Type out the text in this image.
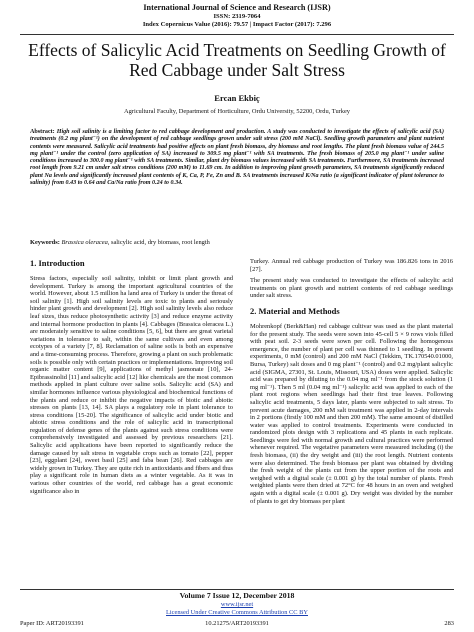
International Journal of Science and Research (IJSR)
ISSN: 2319-7064
Index Copernicus Value (2016): 79.57 | Impact Factor (2017): 7.296
Effects of Salicylic Acid Treatments on Seedling Growth of Red Cabbage under Salt Stress
Ercan Ekbiç
Agricultural Faculty, Department of Horticulture, Ordu University, 52200, Ordu, Turkey
Abstract: High soil salinity is a limiting factor to red cabbage development and production. A study was conducted to investigate the effects of salicylic acid (SA) treatments (0.2 mg plant⁻¹) on the development of red cabbage seedlings grown under salt stress (200 mM NaCl). Seedling growth parameters and plant nutrient contents were measured. Salicylic acid treatments had positive effects on plant fresh biomass, dry biomass and root lengths. The plant fresh biomass value of 244.5 mg plant⁻¹ under the control (zero application of SA) increased to 309.5 mg plant⁻¹ with SA treatments. The fresh biomass of 205.0 mg plant⁻¹ under saline conditions increased to 300.0 mg plant⁻¹ with SA treatments. Similar, plant dry biomass values increased with SA treatments. Furthermore, SA treatments increased root length from 9.21 cm under salt stress conditions (200 mM) to 11.69 cm. In addition to improving plant growth parameters, SA treatments significantly reduced plant Na levels and significantly increased plant contents of K, Ca, P, Fe, Zn and B. SA treatments increased K/Na ratio (a significant indicator of plant tolerance to salinity) from 0.43 to 0.64 and Ca/Na ratio from 0.24 to 0.34.
Keywords: Brassica oleracea, salicylic acid, dry biomass, root length
1. Introduction

Stress factors, especially soil salinity, inhibit or limit plant growth and development. Turkey is among the important agricultural countries of the world. However, about 1.5 million ha land area of Turkey is under the threat of soil salinity [1]. High soil salinity levels are toxic to plants and seriously hinder plant growth and development [2]. High soil salinity levels also reduce leaf sizes, thus reduce photosynthetic activity [3] and reduce enzyme activity and internal hormone production in plants [4]. Cabbages (Brassica oleracea L.) are moderately sensitive to saline conditions [5, 6], but there are great varietal variations in tolerance to salt, within the same cultivars and even among ecotypes of a variety [7, 8]. Reclamation of saline soils is both an expensive and a time-consuming process. Therefore, growing a plant on such problematic soils is possible only with certain practices or implementations. Improving soil organic matter content [9], applications of methyl jasmonate [10], 24-Epibrassinolid [11] and salicylic acid [12] like chemicals are the most common methods applied in plant culture over saline soils. Salicylic acid (SA) and similar hormones influence various physiological and biochemical functions of the plants and reduce or inhibit the negative impacts of biotic and abiotic stresses on plants [13, 14]. SA plays a regulatory role in plant tolerance to stress conditions [15-20]. The significance of salicylic acid under biotic and abiotic stress conditions and the role of salicylic acid in transcriptional regulation of defense genes of the plants against such stress conditions were comprehensively investigated and assessed by previous researchers [21]. Salicylic acid applications have been reported to significantly reduce the damage caused by salt stress in vegetable crops such as tomato [22], pepper [23], eggplant [24], sweet basil [25] and faba bean [26]. Red cabbages are widely grown in Turkey. They are quite rich in antioxidants and fibers and thus play a significant role in human diets as a winter vegetable. As it was in various other countries of the world, red cabbage has a great economic significance also in

Turkey. Annual red cabbage production of Turkey was 186.826 tons in 2016 [27].

The present study was conducted to investigate the effects of salicylic acid treatments on plant growth and nutrient contents of red cabbage seedlings under salt stress.

2. Material and Methods

Mohrenkopf (Berk&Han) red cabbage cultivar was used as the plant material for the present study. The seeds were sown into 45-cell 5 × 9 rows viols filled with peat soil. 2-3 seeds were sown per cell. Following the homogenous emergence, the number of plant per cell was thinned to 1 seedling. In present experiments, 0 mM (control) and 200 mM NaCl (Tekkim, TK.170540.01000, Bursa, Turkey) salt doses and 0 mg plant⁻¹ (control) and 0.2 mg/plant salicylic acid (SIGMA, 27301, St. Louis, Missouri, USA) doses were applied. Salicylic acid was prepared by diluting to the 0.04 mg ml⁻¹ from the stock solution (1 mg ml⁻¹). Then 5 ml (0.04 mg ml⁻¹) salicylic acid was applied to each of the plant root regions when seedlings had their first true leaves. Following salicylic acid treatments, 5 days later, plants were subjected to salt stress. To prevent acute damages, 200 mM salt treatment was applied in 2-day intervals in 2 portions (firstly 100 mM and then 200 mM). The same amount of distilled water was applied to control treatments. Experiments were conducted in randomized plots design with 3 replications and 45 plants in each replicate. Seedlings were fed with normal growth and cultural practices were performed whenever required. The vegetative parameters were measured including (i) the fresh biomass, (ii) the dry weight and (iii) the root length. Nutrient contents were also determined. The fresh biomass per plant was obtained by dividing the fresh weight of the plants cut from the upper portion of the roots and weighed with a digital scale (± 0.001 g) by the total number of plants. Fresh weighted plants were then dried at 72°C for 48 hours in an oven and weighed again with a digital scale (± 0.001 g). Dry weight was divided by the number of plants to get dry biomass per plant

Volume 7 Issue 12, December 2018
www.ijsr.net
Licensed Under Creative Commons Attribution CC BY
Paper ID: ART20193391	10.21275/ART20193391	283
